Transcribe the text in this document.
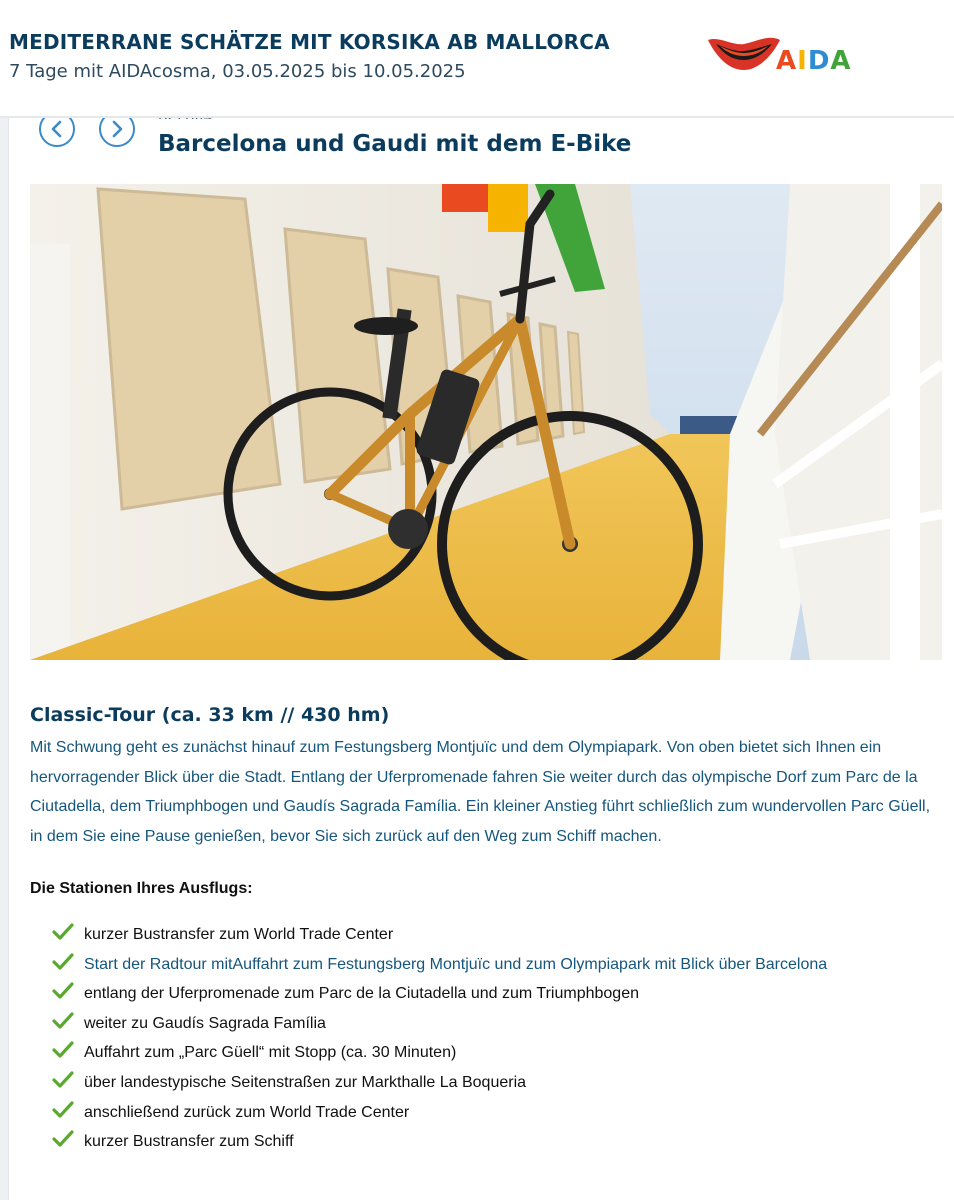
MEDITERRANE SCHÄTZE MIT KORSIKA AB MALLORCA
7 Tage mit AIDAcosma, 03.05.2025 bis 10.05.2025	AIDA
Barcelona und Gaudi mit dem E-Bike
Classic-Tour (ca. 33 km // 430 hm)
Mit Schwung geht es zunächst hinauf zum Festungsberg Montjuïc und dem Olympiapark. Von oben bietet sich Ihnen ein hervorragender Blick über die Stadt. Entlang der Uferpromenade fahren Sie weiter durch das olympische Dorf zum Parc de la Ciutadella, dem Triumphbogen und Gaudís Sagrada Família. Ein kleiner Anstieg führt schließlich zum wundervollen Parc Güell, in dem Sie eine Pause genießen, bevor Sie sich zurück auf den Weg zum Schiff machen.
Die Stationen Ihres Ausflugs:
kurzer Bustransfer zum World Trade Center
Start der Radtour mitAuffahrt zum Festungsberg Montjuïc und zum Olympiapark mit Blick über Barcelona
entlang der Uferpromenade zum Parc de la Ciutadella und zum Triumphbogen
weiter zu Gaudís Sagrada Família
Auffahrt zum „Parc Güell“ mit Stopp (ca. 30 Minuten)
über landestypische Seitenstraßen zur Markthalle La Boqueria
anschließend zurück zum World Trade Center
kurzer Bustransfer zum Schiff
